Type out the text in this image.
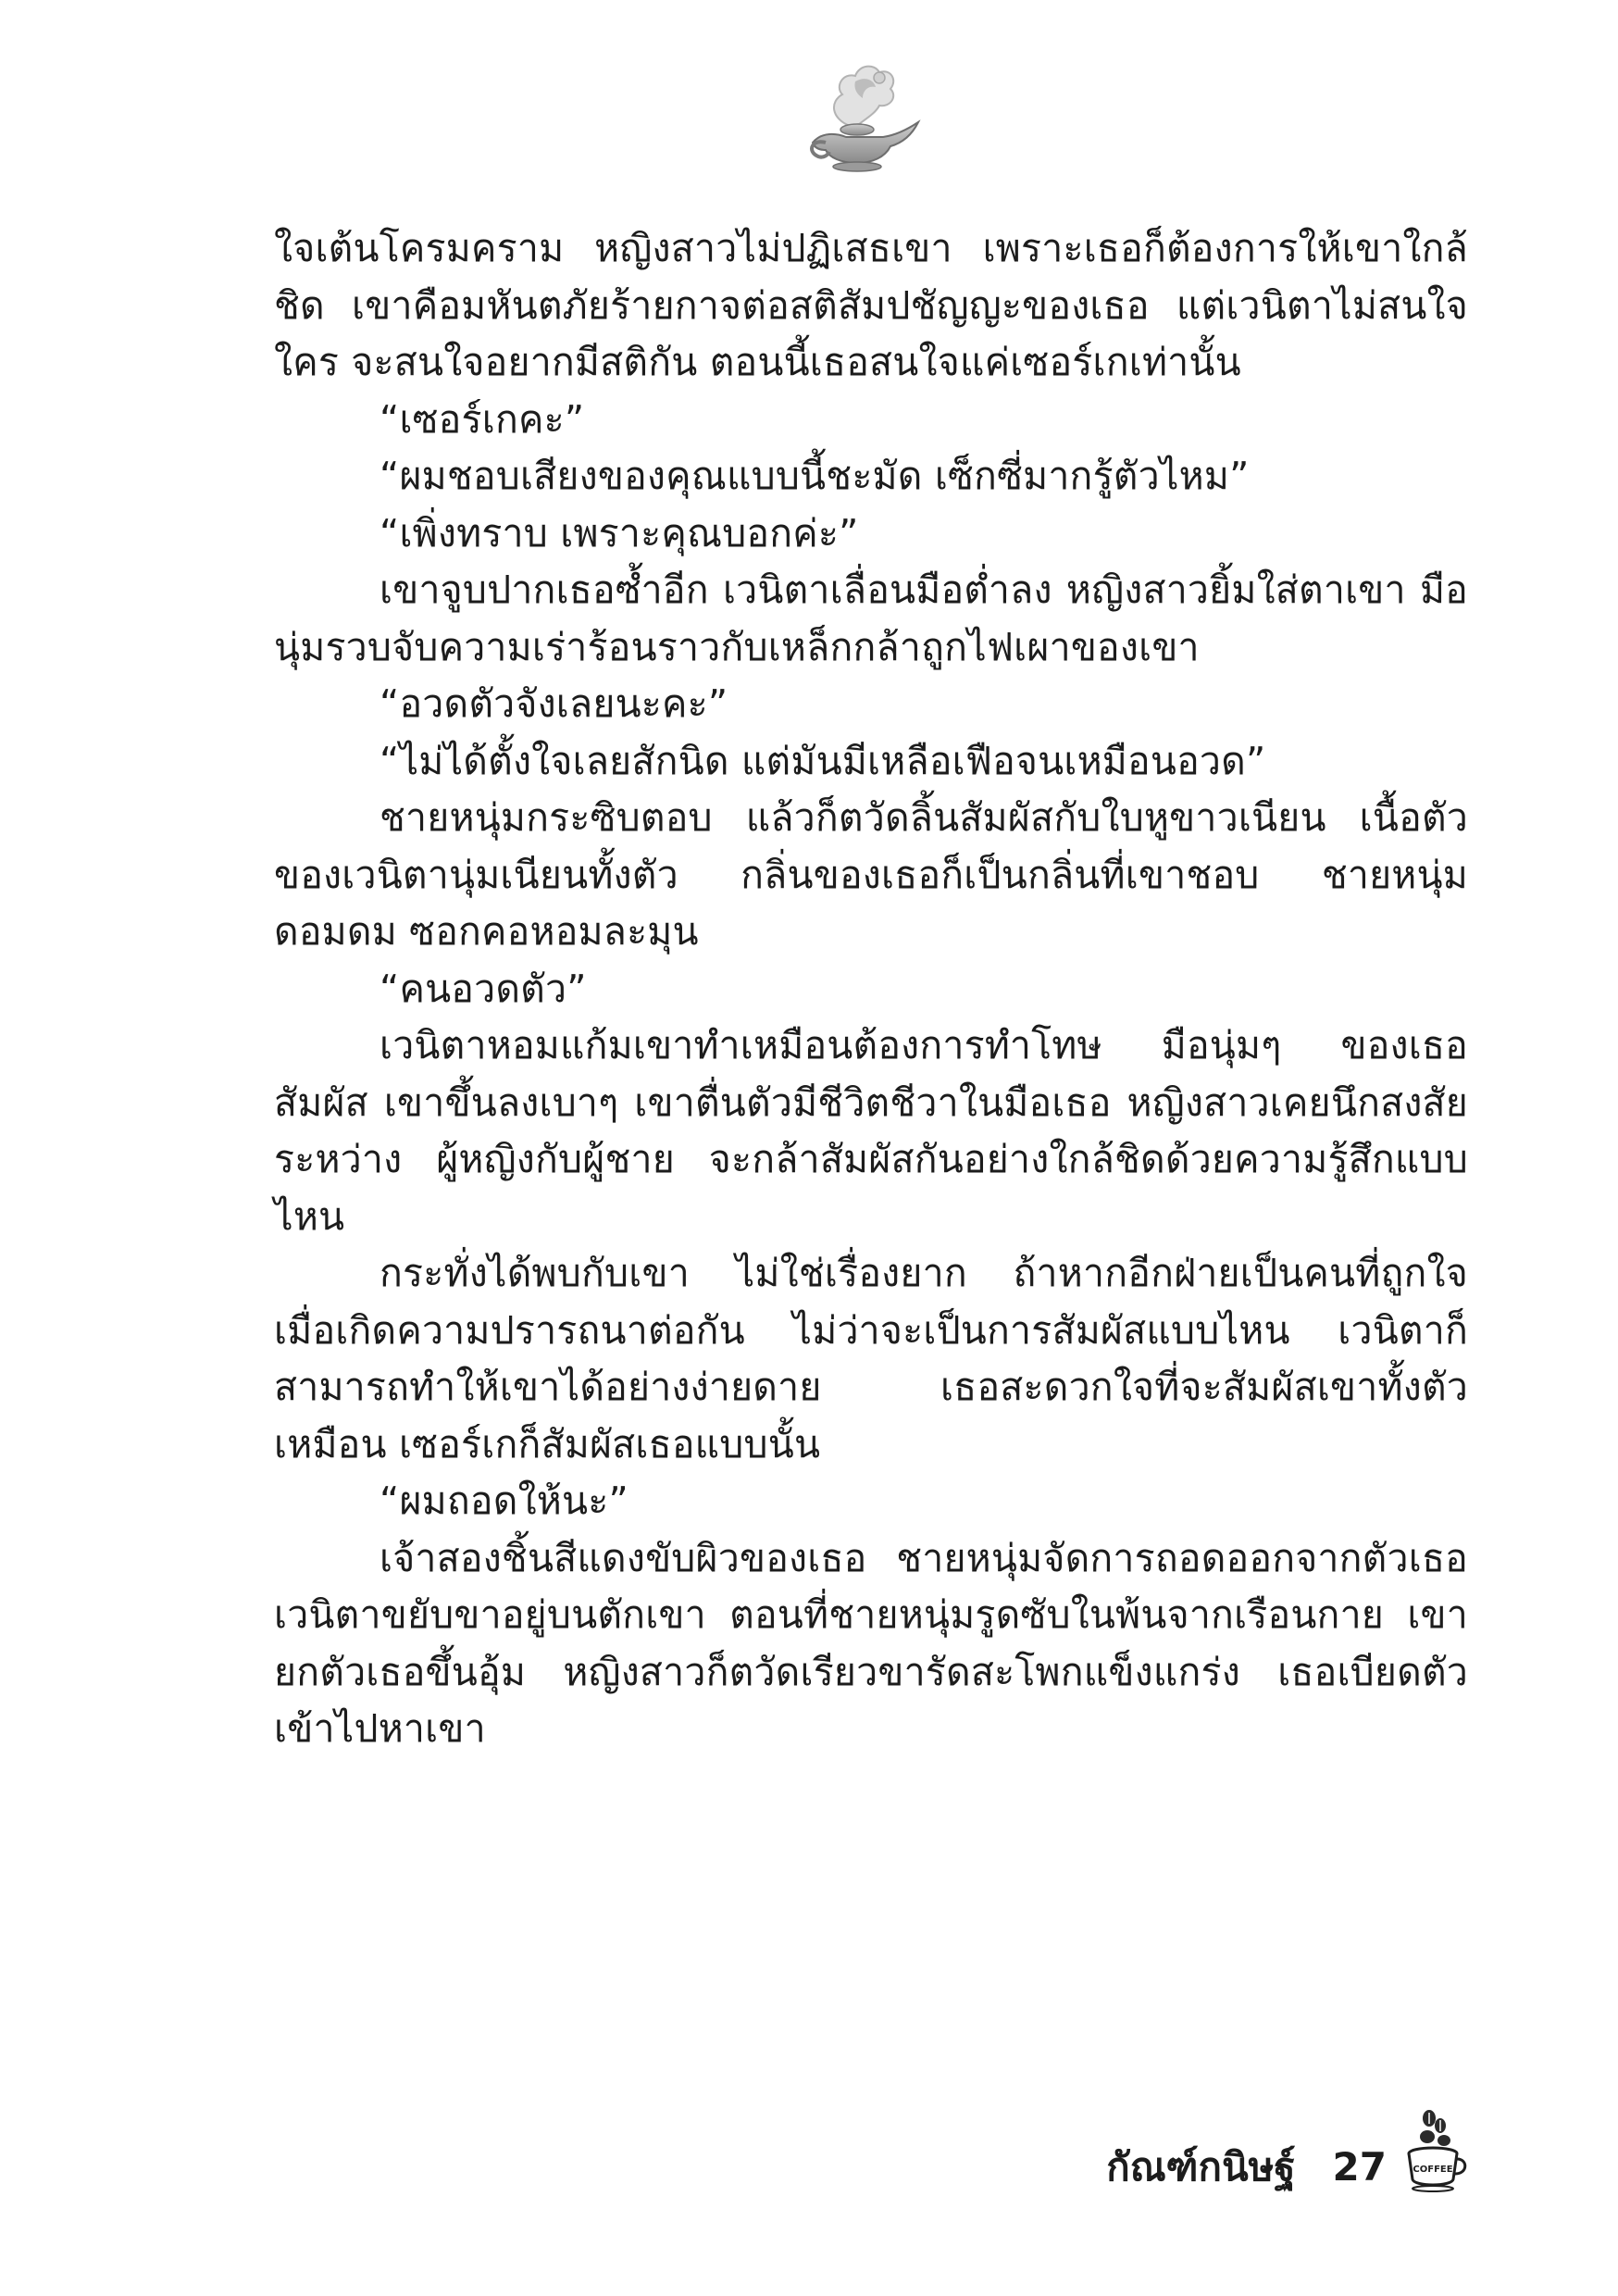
ใจเต้นโครมคราม หญิงสาวไม่ปฏิเสธเขา เพราะเธอก็ต้องการให้เขาใกล้ชิด เขาคือมหันตภัยร้ายกาจต่อสติสัมปชัญญะของเธอ แต่เวนิตาไม่สนใจ ใคร จะสนใจอยากมีสติกัน ตอนนี้เธอสนใจแค่เซอร์เกเท่านั้น

“เซอร์เกคะ”

“ผมชอบเสียงของคุณแบบนี้ชะมัด เซ็กซี่มากรู้ตัวไหม”

“เพิ่งทราบ เพราะคุณบอกค่ะ”

เขาจูบปากเธอซ้ำอีก เวนิตาเลื่อนมือต่ำลง หญิงสาวยิ้มใส่ตาเขา มือนุ่มรวบจับความเร่าร้อนราวกับเหล็กกล้าถูกไฟเผาของเขา

“อวดตัวจังเลยนะคะ”

“ไม่ได้ตั้งใจเลยสักนิด แต่มันมีเหลือเฟือจนเหมือนอวด”

ชายหนุ่มกระซิบตอบ แล้วก็ตวัดลิ้นสัมผัสกับใบหูขาวเนียน เนื้อตัว ของเวนิตานุ่มเนียนทั้งตัว กลิ่นของเธอก็เป็นกลิ่นที่เขาชอบ ชายหนุ่มดอมดม ซอกคอหอมละมุน

“คนอวดตัว”

เวนิตาหอมแก้มเขาทำเหมือนต้องการทำโทษ มือนุ่มๆ ของเธอสัมผัส เขาขึ้นลงเบาๆ เขาตื่นตัวมีชีวิตชีวาในมือเธอ หญิงสาวเคยนึกสงสัย ระหว่าง ผู้หญิงกับผู้ชาย จะกล้าสัมผัสกันอย่างใกล้ชิดด้วยความรู้สึกแบบไหน

กระทั่งได้พบกับเขา ไม่ใช่เรื่องยาก ถ้าหากอีกฝ่ายเป็นคนที่ถูกใจ เมื่อเกิดความปรารถนาต่อกัน ไม่ว่าจะเป็นการสัมผัสแบบไหน เวนิตาก็ สามารถทำให้เขาได้อย่างง่ายดาย เธอสะดวกใจที่จะสัมผัสเขาทั้งตัว เหมือน เซอร์เกก็สัมผัสเธอแบบนั้น

“ผมถอดให้นะ”

เจ้าสองชิ้นสีแดงขับผิวของเธอ ชายหนุ่มจัดการถอดออกจากตัวเธอ เวนิตาขยับขาอยู่บนตักเขา ตอนที่ชายหนุ่มรูดซับในพ้นจากเรือนกาย เขา ยกตัวเธอขึ้นอุ้ม หญิงสาวก็ตวัดเรียวขารัดสะโพกแข็งแกร่ง เธอเบียดตัว เข้าไปหาเขา

กัณฑ์กนิษฐ์ 27	COFFEE
